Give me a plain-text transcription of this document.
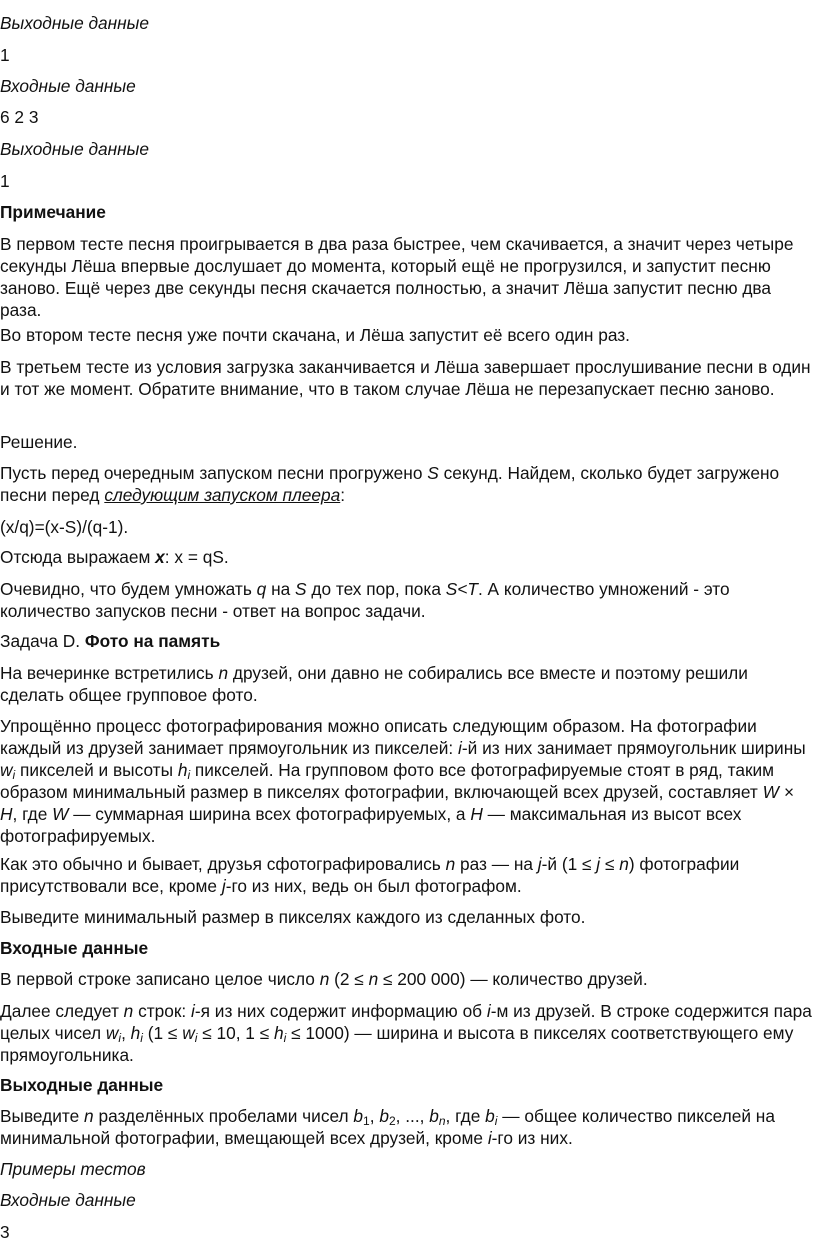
Выходные данные

1

Входные данные

6 2 3

Выходные данные

1

Примечание

В первом тесте песня проигрывается в два раза быстрее, чем скачивается, а значит через четыре секунды Лёша впервые дослушает до момента, который ещё не прогрузился, и запустит песню заново. Ещё через две секунды песня скачается полностью, а значит Лёша запустит песню два раза.

Во втором тесте песня уже почти скачана, и Лёша запустит её всего один раз.

В третьем тесте из условия загрузка заканчивается и Лёша завершает прослушивание песни в один и тот же момент. Обратите внимание, что в таком случае Лёша не перезапускает песню заново.

Решение.

Пусть перед очередным запуском песни прогружено S секунд. Найдем, сколько будет загружено песни перед следующим запуском плеера:

(x/q)=(x-S)/(q-1).

Отсюда выражаем x: x = qS.

Очевидно, что будем умножать q на S до тех пор, пока S<T. А количество умножений - это количество запусков песни - ответ на вопрос задачи.

Задача D. Фото на память

На вечеринке встретились n друзей, они давно не собирались все вместе и поэтому решили сделать общее групповое фото.

Упрощённо процесс фотографирования можно описать следующим образом. На фотографии каждый из друзей занимает прямоугольник из пикселей: i-й из них занимает прямоугольник ширины $w_i$ пикселей и высоты $h_i$ пикселей. На групповом фото все фотографируемые стоят в ряд, таким образом минимальный размер в пикселях фотографии, включающей всех друзей, составляет W × H, где W — суммарная ширина всех фотографируемых, а H — максимальная из высот всех фотографируемых.

Как это обычно и бывает, друзья сфотографировались n раз — на j-й (1 ≤ j ≤ n) фотографии присутствовали все, кроме j-го из них, ведь он был фотографом.

Выведите минимальный размер в пикселях каждого из сделанных фото.

Входные данные

В первой строке записано целое число n (2 ≤ n ≤ 200 000) — количество друзей.

Далее следует n строк: i-я из них содержит информацию об i-м из друзей. В строке содержится пара целых чисел $w_i$, $h_i$ ($1 \le w_i \le 10$, $1 \le h_i \le 1000$) — ширина и высота в пикселях соответствующего ему прямоугольника.

Выходные данные

Выведите n разделённых пробелами чисел $b_1$, $b_2$, ..., $b_n$, где $b_i$ — общее количество пикселей на минимальной фотографии, вмещающей всех друзей, кроме i-го из них.

Примеры тестов

Входные данные

3
